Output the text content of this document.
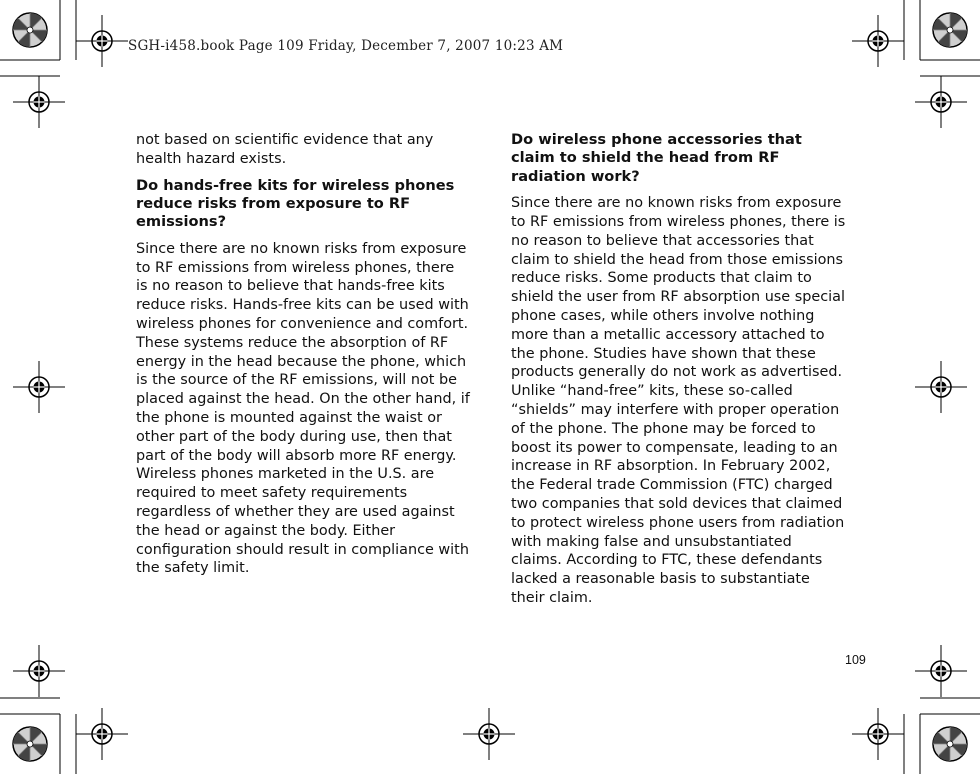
SGH-i458.book Page 109 Friday, December 7, 2007 10:23 AM

not based on scientific evidence that any health hazard exists.

Do hands-free kits for wireless phones reduce risks from exposure to RF emissions?

Since there are no known risks from exposure to RF emissions from wireless phones, there is no reason to believe that hands-free kits reduce risks. Hands-free kits can be used with wireless phones for convenience and comfort. These systems reduce the absorption of RF energy in the head because the phone, which is the source of the RF emissions, will not be placed against the head. On the other hand, if the phone is mounted against the waist or other part of the body during use, then that part of the body will absorb more RF energy. Wireless phones marketed in the U.S. are required to meet safety requirements regardless of whether they are used against the head or against the body. Either configuration should result in compliance with the safety limit.

Do wireless phone accessories that claim to shield the head from RF radiation work?

Since there are no known risks from exposure to RF emissions from wireless phones, there is no reason to believe that accessories that claim to shield the head from those emissions reduce risks. Some products that claim to shield the user from RF absorption use special phone cases, while others involve nothing more than a metallic accessory attached to the phone. Studies have shown that these products generally do not work as advertised. Unlike “hand-free” kits, these so-called “shields” may interfere with proper operation of the phone. The phone may be forced to boost its power to compensate, leading to an increase in RF absorption. In February 2002, the Federal trade Commission (FTC) charged two companies that sold devices that claimed to protect wireless phone users from radiation with making false and unsubstantiated claims. According to FTC, these defendants lacked a reasonable basis to substantiate their claim.

109
